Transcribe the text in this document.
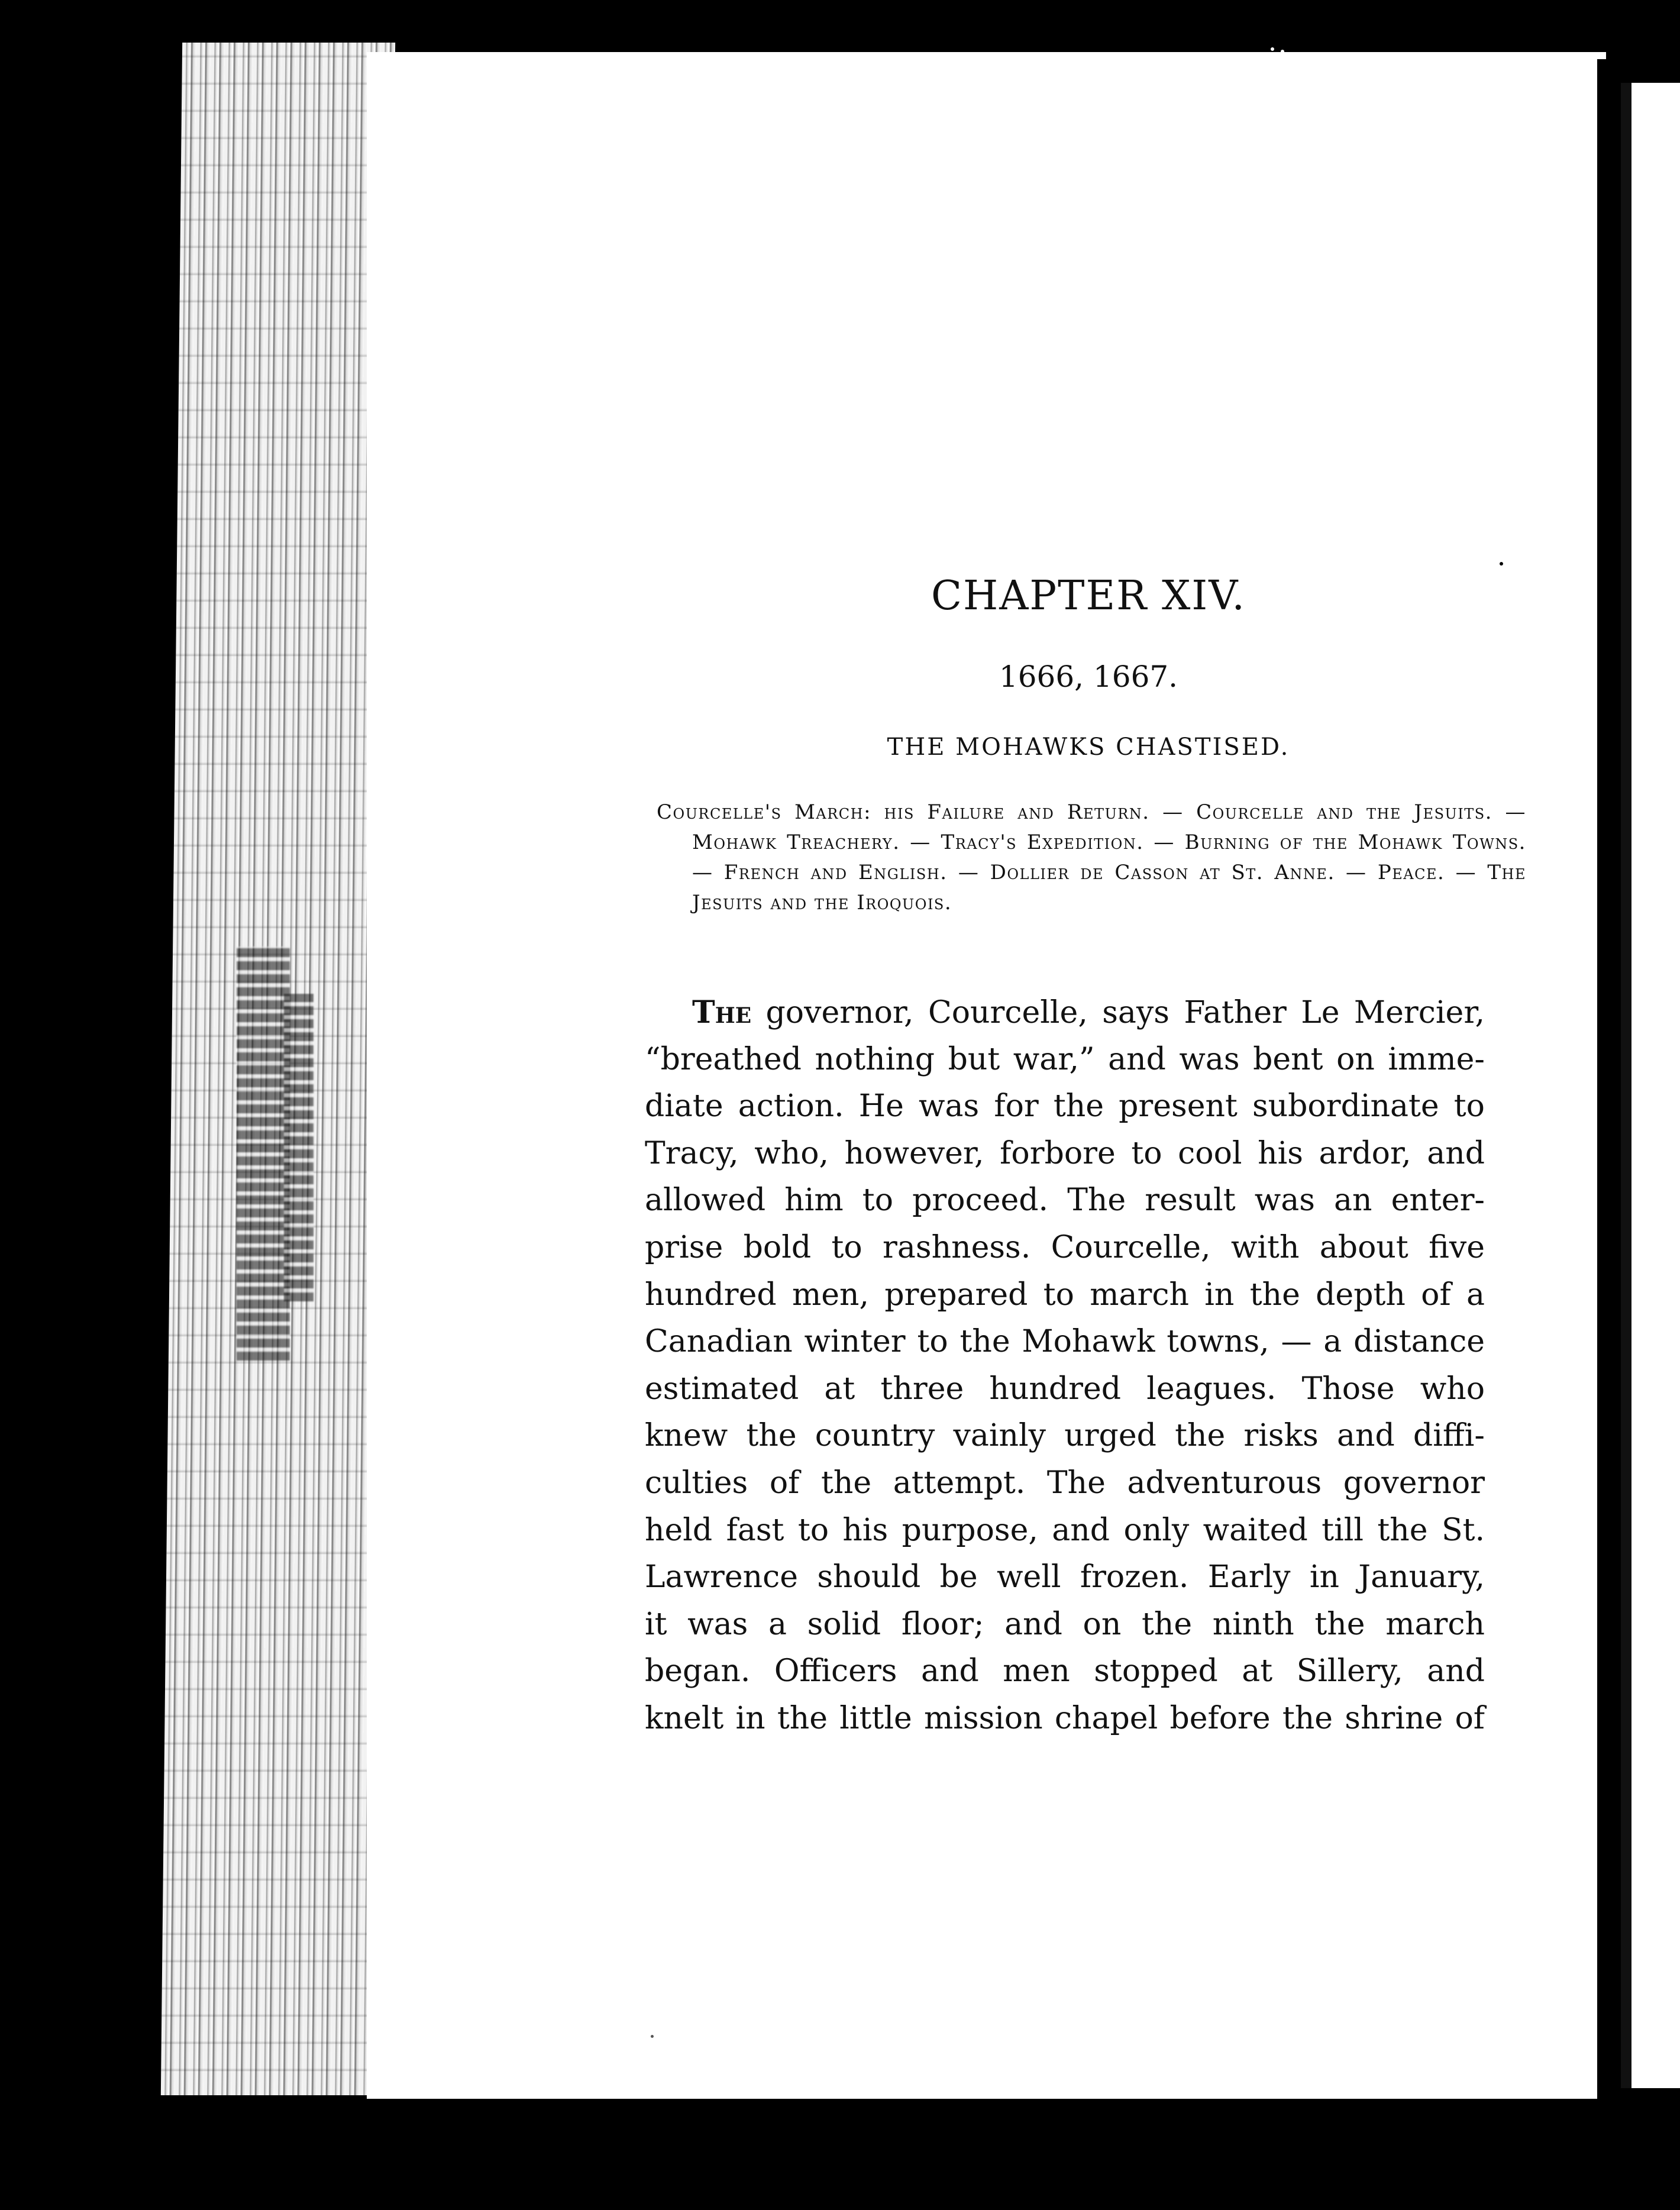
CHAPTER XIV.
1666, 1667.
THE MOHAWKS CHASTISED.
Courcelle's March: his Failure and Return. — Courcelle and the Jesuits. — Mohawk Treachery. — Tracy's Expedition. — Burning of the Mohawk Towns. — French and English. — Dollier de Casson at St. Anne. — Peace. — The Jesuits and the Iroquois.
The governor, Courcelle, says Father Le Mercier,
“breathed nothing but war,” and was bent on imme-
diate action. He was for the present subordinate to
Tracy, who, however, forbore to cool his ardor, and
allowed him to proceed. The result was an enter-
prise bold to rashness. Courcelle, with about five
hundred men, prepared to march in the depth of a
Canadian winter to the Mohawk towns, — a distance
estimated at three hundred leagues. Those who
knew the country vainly urged the risks and diffi-
culties of the attempt. The adventurous governor
held fast to his purpose, and only waited till the St.
Lawrence should be well frozen. Early in January,
it was a solid floor; and on the ninth the march
began. Officers and men stopped at Sillery, and
knelt in the little mission chapel before the shrine of
